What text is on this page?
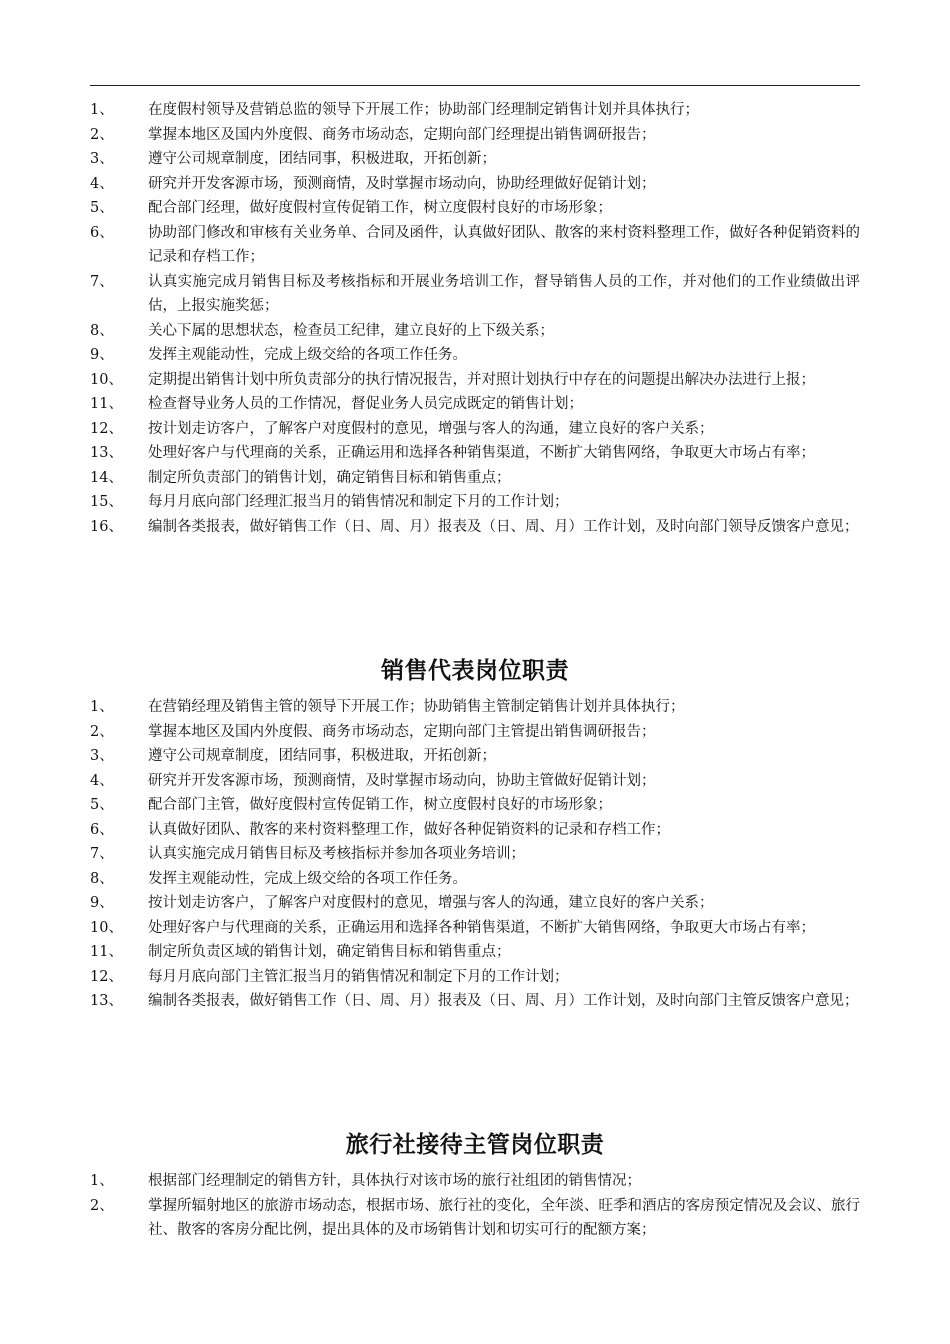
1、	在度假村领导及营销总监的领导下开展工作；协助部门经理制定销售计划并具体执行；
2、	掌握本地区及国内外度假、商务市场动态，定期向部门经理提出销售调研报告；
3、	遵守公司规章制度，团结同事，积极进取，开拓创新；
4、	研究并开发客源市场，预测商情，及时掌握市场动向，协助经理做好促销计划；
5、	配合部门经理，做好度假村宣传促销工作，树立度假村良好的市场形象；
6、	协助部门修改和审核有关业务单、合同及函件，认真做好团队、散客的来村资料整理工作，做好各种促销资料的记录和存档工作；
7、	认真实施完成月销售目标及考核指标和开展业务培训工作，督导销售人员的工作，并对他们的工作业绩做出评估，上报实施奖惩；
8、	关心下属的思想状态，检查员工纪律，建立良好的上下级关系；
9、	发挥主观能动性，完成上级交给的各项工作任务。
10、	定期提出销售计划中所负责部分的执行情况报告，并对照计划执行中存在的问题提出解决办法进行上报；
11、	检查督导业务人员的工作情况，督促业务人员完成既定的销售计划；
12、	按计划走访客户，了解客户对度假村的意见，增强与客人的沟通，建立良好的客户关系；
13、	处理好客户与代理商的关系，正确运用和选择各种销售渠道，不断扩大销售网络，争取更大市场占有率；
14、	制定所负责部门的销售计划，确定销售目标和销售重点；
15、	每月月底向部门经理汇报当月的销售情况和制定下月的工作计划；
16、	编制各类报表，做好销售工作（日、周、月）报表及（日、周、月）工作计划，及时向部门领导反馈客户意见；
销售代表岗位职责
1、	在营销经理及销售主管的领导下开展工作；协助销售主管制定销售计划并具体执行；
2、	掌握本地区及国内外度假、商务市场动态，定期向部门主管提出销售调研报告；
3、	遵守公司规章制度，团结同事，积极进取，开拓创新；
4、	研究并开发客源市场，预测商情，及时掌握市场动向，协助主管做好促销计划；
5、	配合部门主管，做好度假村宣传促销工作，树立度假村良好的市场形象；
6、	认真做好团队、散客的来村资料整理工作，做好各种促销资料的记录和存档工作；
7、	认真实施完成月销售目标及考核指标并参加各项业务培训；
8、	发挥主观能动性，完成上级交给的各项工作任务。
9、	按计划走访客户，了解客户对度假村的意见，增强与客人的沟通，建立良好的客户关系；
10、	处理好客户与代理商的关系，正确运用和选择各种销售渠道，不断扩大销售网络，争取更大市场占有率；
11、	制定所负责区域的销售计划，确定销售目标和销售重点；
12、	每月月底向部门主管汇报当月的销售情况和制定下月的工作计划；
13、	编制各类报表，做好销售工作（日、周、月）报表及（日、周、月）工作计划，及时向部门主管反馈客户意见；
旅行社接待主管岗位职责
1、	根据部门经理制定的销售方针，具体执行对该市场的旅行社组团的销售情况；
2、	掌握所辐射地区的旅游市场动态，根据市场、旅行社的变化，全年淡、旺季和酒店的客房预定情况及会议、旅行社、散客的客房分配比例，提出具体的及市场销售计划和切实可行的配额方案；
